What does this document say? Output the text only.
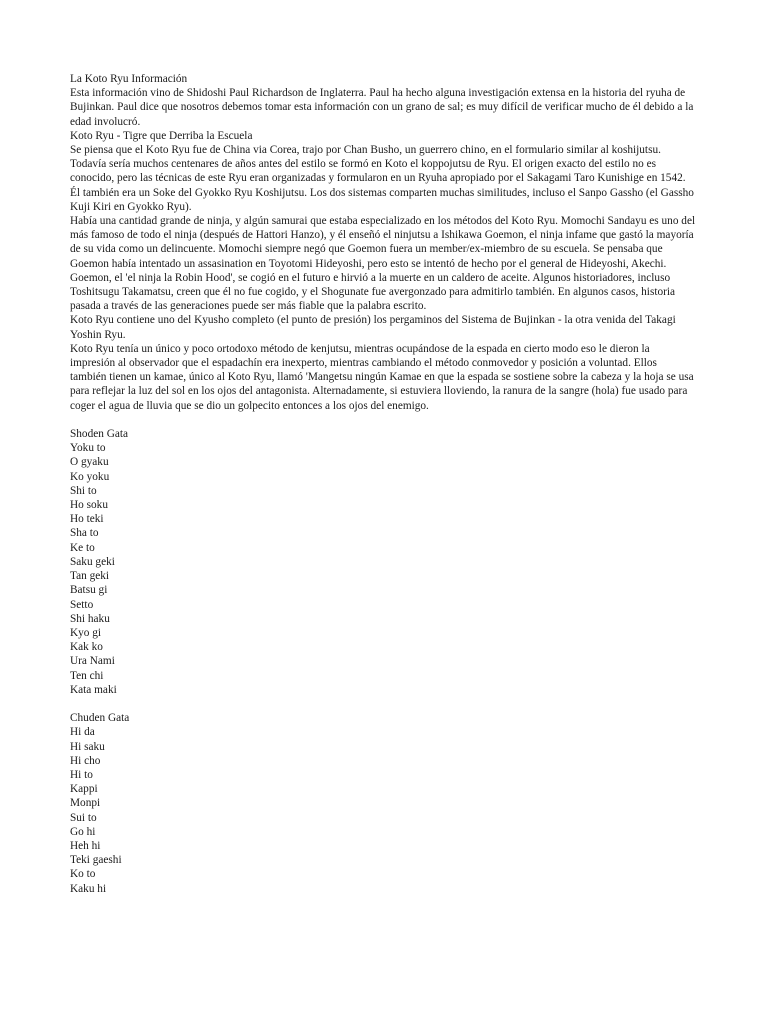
La Koto Ryu Información

Esta información vino de Shidoshi Paul Richardson de Inglaterra. Paul ha hecho alguna investigación extensa en la historia del ryuha de Bujinkan. Paul dice que nosotros debemos tomar esta información con un grano de sal; es muy difícil de verificar mucho de él debido a la edad involucró.

Koto Ryu - Tigre que Derriba la Escuela

Se piensa que el Koto Ryu fue de China via Corea, trajo por Chan Busho, un guerrero chino, en el formulario similar al koshijutsu. Todavía sería muchos centenares de años antes del estilo se formó en Koto el koppojutsu de Ryu. El origen exacto del estilo no es conocido, pero las técnicas de este Ryu eran organizadas y formularon en un Ryuha apropiado por el Sakagami Taro Kunishige en 1542. Él también era un Soke del Gyokko Ryu Koshijutsu. Los dos sistemas comparten muchas similitudes, incluso el Sanpo Gassho (el Gassho Kuji Kiri en Gyokko Ryu).

Había una cantidad grande de ninja, y algún samurai que estaba especializado en los métodos del Koto Ryu. Momochi Sandayu es uno del más famoso de todo el ninja (después de Hattori Hanzo), y él enseñó el ninjutsu a Ishikawa Goemon, el ninja infame que gastó la mayoría de su vida como un delincuente. Momochi siempre negó que Goemon fuera un member/ex-miembro de su escuela. Se pensaba que Goemon había intentado un assasination en Toyotomi Hideyoshi, pero esto se intentó de hecho por el general de Hideyoshi, Akechi. Goemon, el 'el ninja la Robin Hood', se cogió en el futuro e hirvió a la muerte en un caldero de aceite. Algunos historiadores, incluso Toshitsugu Takamatsu, creen que él no fue cogido, y el Shogunate fue avergonzado para admitirlo también. En algunos casos, historia pasada a través de las generaciones puede ser más fiable que la palabra escrito.

Koto Ryu contiene uno del Kyusho completo (el punto de presión) los pergaminos del Sistema de Bujinkan - la otra venida del Takagi Yoshin Ryu.

Koto Ryu tenía un único y poco ortodoxo método de kenjutsu, mientras ocupándose de la espada en cierto modo eso le dieron la impresión al observador que el espadachín era inexperto, mientras cambiando el método conmovedor y posición a voluntad. Ellos también tienen un kamae, único al Koto Ryu, llamó 'Mangetsu ningún Kamae en que la espada se sostiene sobre la cabeza y la hoja se usa para reflejar la luz del sol en los ojos del antagonista. Alternadamente, si estuviera lloviendo, la ranura de la sangre (hola) fue usado para coger el agua de lluvia que se dio un golpecito entonces a los ojos del enemigo.

Shoden Gata
Yoku to
O gyaku
Ko yoku
Shi to
Ho soku
Ho teki
Sha to
Ke to
Saku geki
Tan geki
Batsu gi
Setto
Shi haku
Kyo gi
Kak ko
Ura Nami
Ten chi
Kata maki
Chuden Gata
Hi da
Hi saku
Hi cho
Hi to
Kappi
Monpi
Sui to
Go hi
Heh hi
Teki gaeshi
Ko to
Kaku hi
